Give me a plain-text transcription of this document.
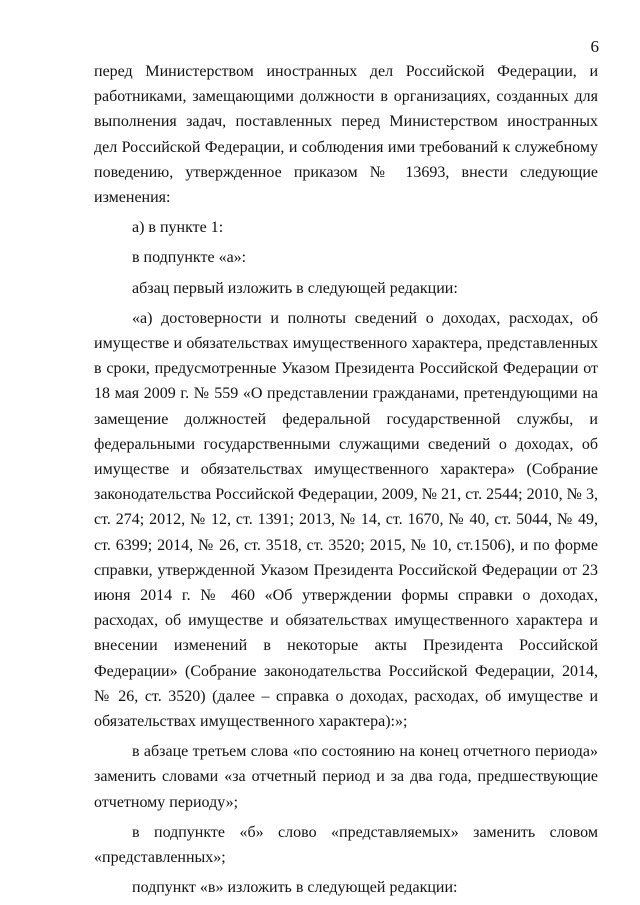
6

перед Министерством иностранных дел Российской Федерации, и работниками, замещающими должности в организациях, созданных для выполнения задач, поставленных перед Министерством иностранных дел Российской Федерации, и соблюдения ими требований к служебному поведению, утвержденное приказом № 13693, внести следующие изменения:

а) в пункте 1:

в подпункте «а»:

абзац первый изложить в следующей редакции:

«а) достоверности и полноты сведений о доходах, расходах, об имуществе и обязательствах имущественного характера, представленных в сроки, предусмотренные Указом Президента Российской Федерации от 18 мая 2009 г. № 559 «О представлении гражданами, претендующими на замещение должностей федеральной государственной службы, и федеральными государственными служащими сведений о доходах, об имуществе и обязательствах имущественного характера» (Собрание законодательства Российской Федерации, 2009, № 21, ст. 2544; 2010, № 3, ст. 274; 2012, № 12, ст. 1391; 2013, № 14, ст. 1670, № 40, ст. 5044, № 49, ст. 6399; 2014, № 26, ст. 3518, ст. 3520; 2015, № 10, ст.1506), и по форме справки, утвержденной Указом Президента Российской Федерации от 23 июня 2014 г. № 460 «Об утверждении формы справки о доходах, расходах, об имуществе и обязательствах имущественного характера и внесении изменений в некоторые акты Президента Российской Федерации» (Собрание законодательства Российской Федерации, 2014, № 26, ст. 3520) (далее – справка о доходах, расходах, об имуществе и обязательствах имущественного характера):»;

в абзаце третьем слова «по состоянию на конец отчетного периода» заменить словами «за отчетный период и за два года, предшествующие отчетному периоду»;

в подпункте «б» слово «представляемых» заменить словом «представленных»;

подпункт «в» изложить в следующей редакции:
